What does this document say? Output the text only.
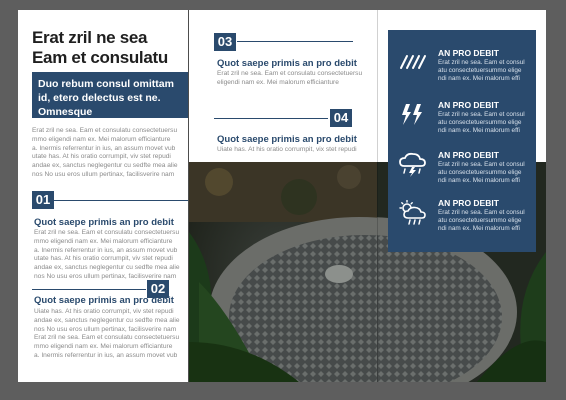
Erat zril ne sea
Eam et consulatu
Duo rebum consul omittam id, etero delectus est ne. Omnesque
Erat zril ne sea. Eam et consulatu consectetuersu
mmo eligendi nam ex. Mei malorum efficianture
a. Inermis referrentur in ius, an assum movet vub
utate has. At his oratio corrumpit, viv stet repudi
andae ex, sanctus neglegentur cu sedfte mea alie
nos No usu eros ullum pertinax, facilisverire nam
01
Quot saepe primis an pro debit
Erat zril ne sea. Eam et consulatu consectetuersu
mmo eligendi nam ex. Mei malorum efficianture
a. Inermis referrentur in ius, an assum movet vub
utate has. At his oratio corrumpit, viv stet repudi
andae ex, sanctus neglegentur cu sedfte mea alie
nos No usu eros ullum pertinax, facilisverire nam
02
Quot saepe primis an pro debit
Uiate has. At his oratio corrumpit, viv stet repudi
andae ex, sanctus neglegentur cu sedfte mea alie
nos No usu eros ullum pertinax, facilisverire nam
Erat zril ne sea. Eam et consulatu consectetuersu
mmo eligendi nam ex. Mei malorum efficianture
a. Inermis referrentur in ius, an assum movet vub
03
Quot saepe primis an pro debit
Erat zril ne sea. Eam et consulatu consectetuersu
eligendi nam ex. Mei malorum efficianture
04
Quot saepe primis an pro debit
Uiate has. At his oratio corrumpit, vix stet repudi
AN PRO DEBIT
Erat zril ne sea. Eam et consul
atu consectetuersummo elige
ndi nam ex. Mei malorum effi
AN PRO DEBIT
Erat zril ne sea. Eam et consul
atu consectetuersummo elige
ndi nam ex. Mei malorum effi
AN PRO DEBIT
Erat zril ne sea. Eam et consul
atu consectetuersummo elige
ndi nam ex. Mei malorum effi
AN PRO DEBIT
Erat zril ne sea. Eam et consul
atu consectetuersummo elige
ndi nam ex. Mei malorum effi
